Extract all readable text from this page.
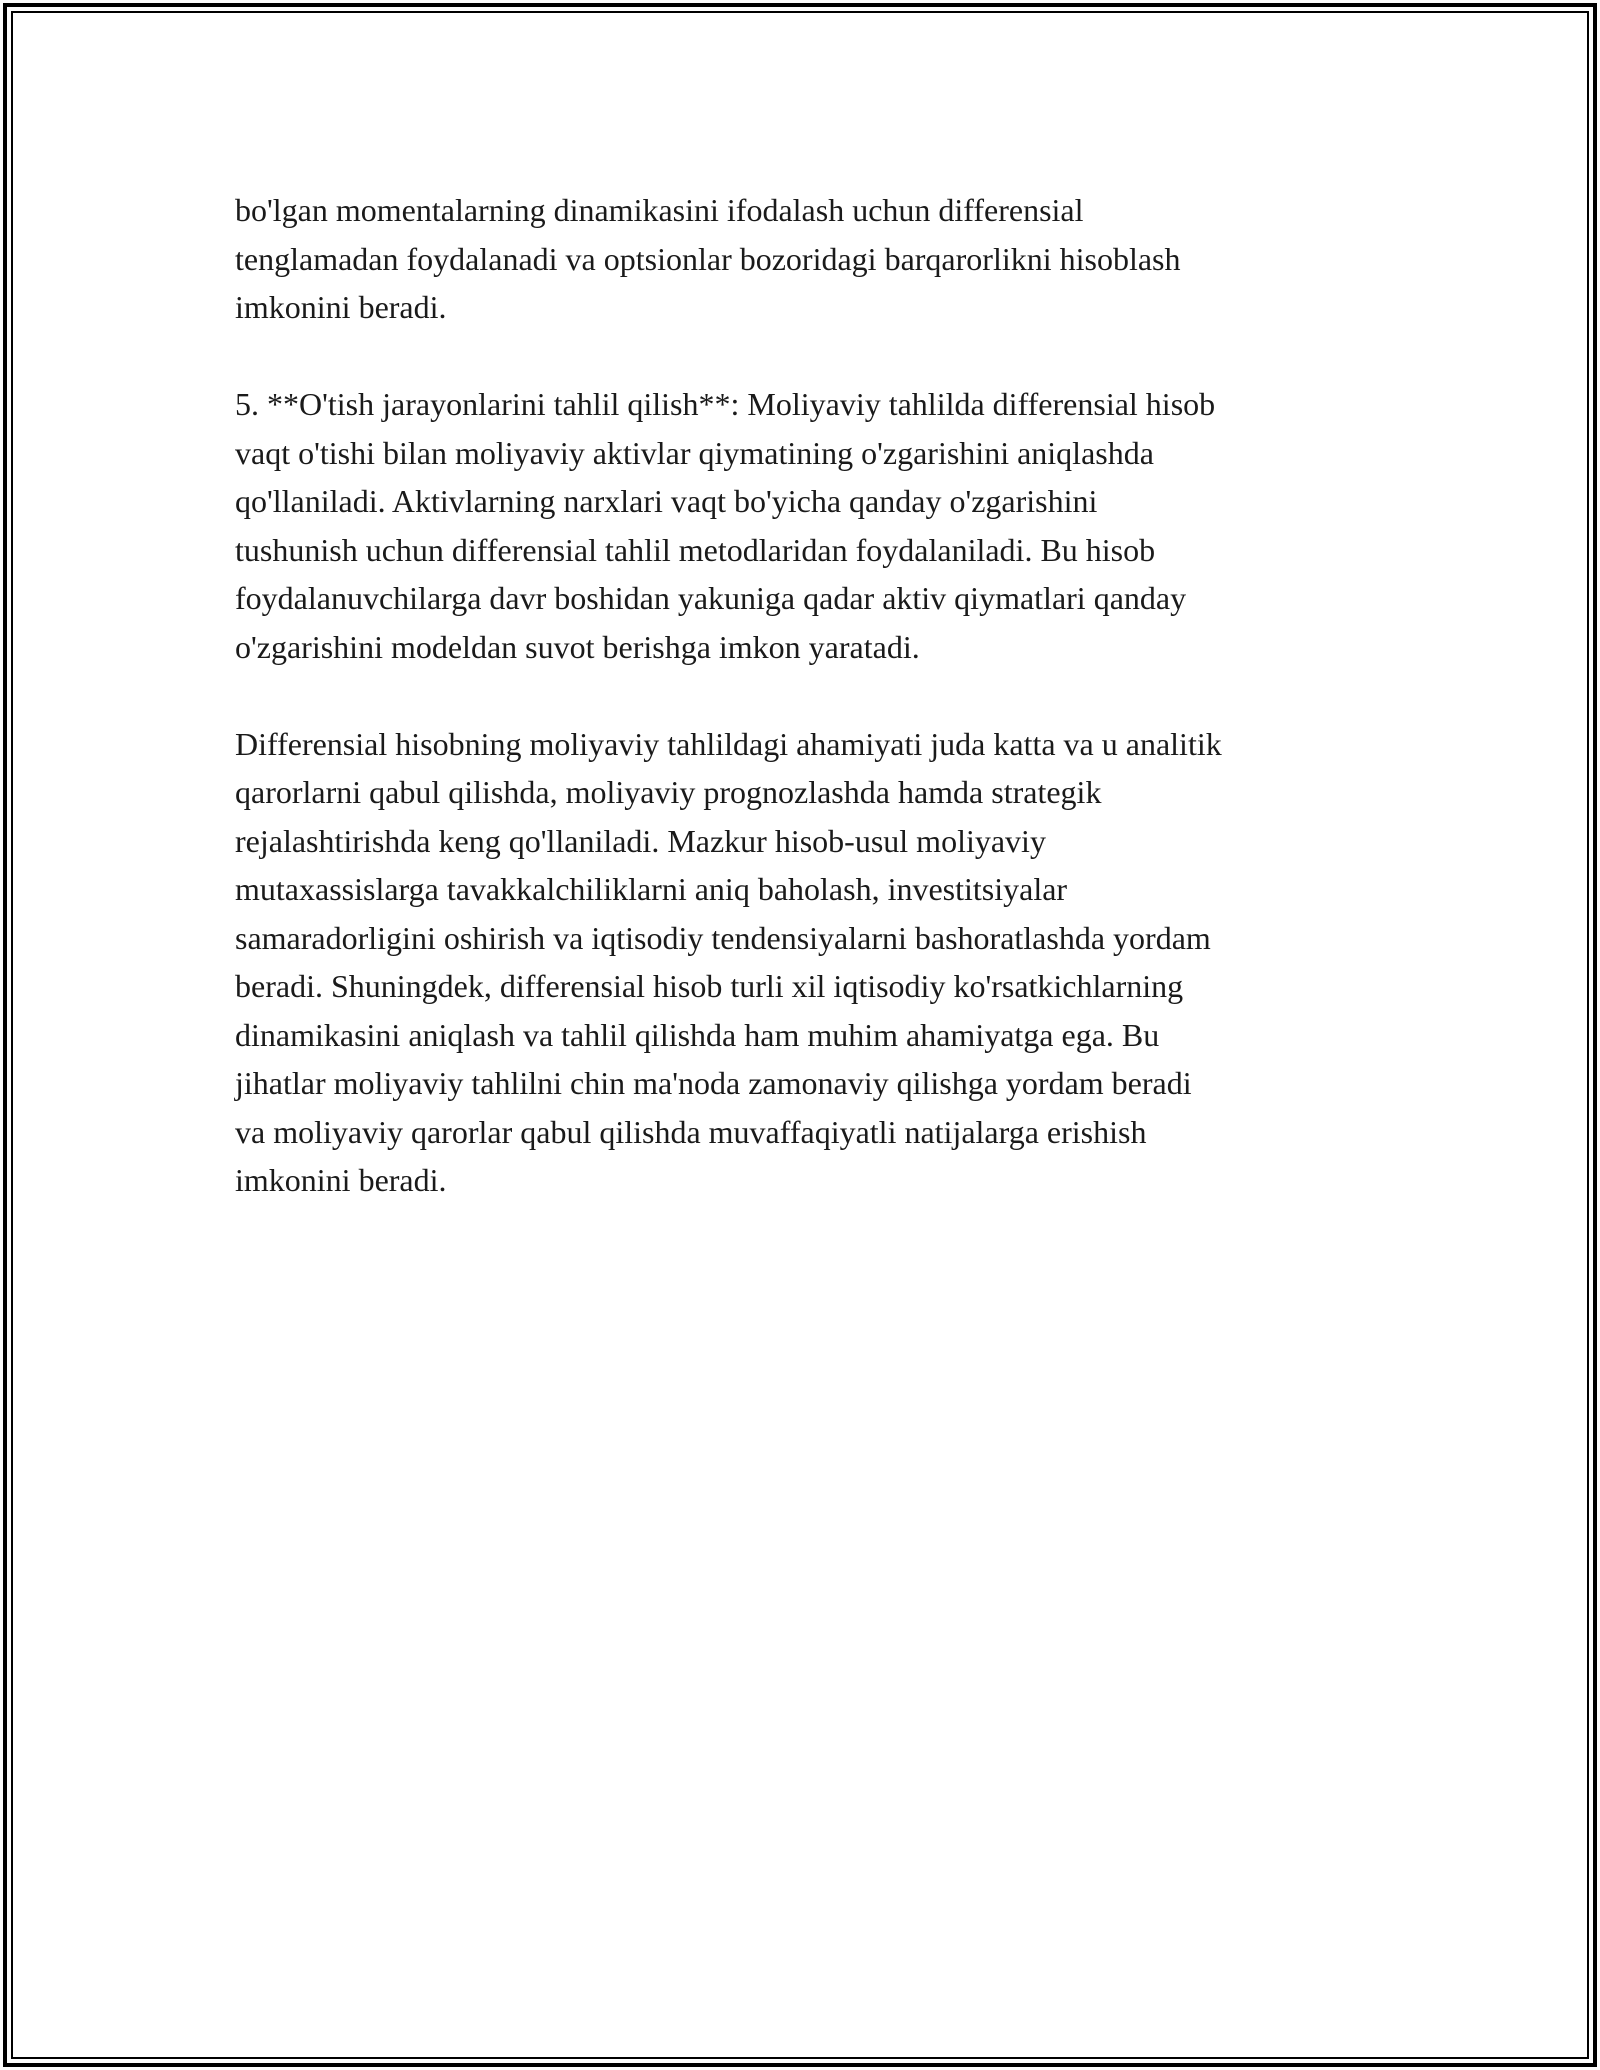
bo'lgan momentalarning dinamikasini ifodalash uchun differensial
tenglamadan foydalanadi va optsionlar bozoridagi barqarorlikni hisoblash
imkonini beradi.

5. **O'tish jarayonlarini tahlil qilish**: Moliyaviy tahlilda differensial hisob
vaqt o'tishi bilan moliyaviy aktivlar qiymatining o'zgarishini aniqlashda
qo'llaniladi. Aktivlarning narxlari vaqt bo'yicha qanday o'zgarishini
tushunish uchun differensial tahlil metodlaridan foydalaniladi. Bu hisob
foydalanuvchilarga davr boshidan yakuniga qadar aktiv qiymatlari qanday
o'zgarishini modeldan suvot berishga imkon yaratadi.

Differensial hisobning moliyaviy tahlildagi ahamiyati juda katta va u analitik
qarorlarni qabul qilishda, moliyaviy prognozlashda hamda strategik
rejalashtirishda keng qo'llaniladi. Mazkur hisob-usul moliyaviy
mutaxassislarga tavakkalchiliklarni aniq baholash, investitsiyalar
samaradorligini oshirish va iqtisodiy tendensiyalarni bashoratlashda yordam
beradi. Shuningdek, differensial hisob turli xil iqtisodiy ko'rsatkichlarning
dinamikasini aniqlash va tahlil qilishda ham muhim ahamiyatga ega. Bu
jihatlar moliyaviy tahlilni chin ma'noda zamonaviy qilishga yordam beradi
va moliyaviy qarorlar qabul qilishda muvaffaqiyatli natijalarga erishish
imkonini beradi.
